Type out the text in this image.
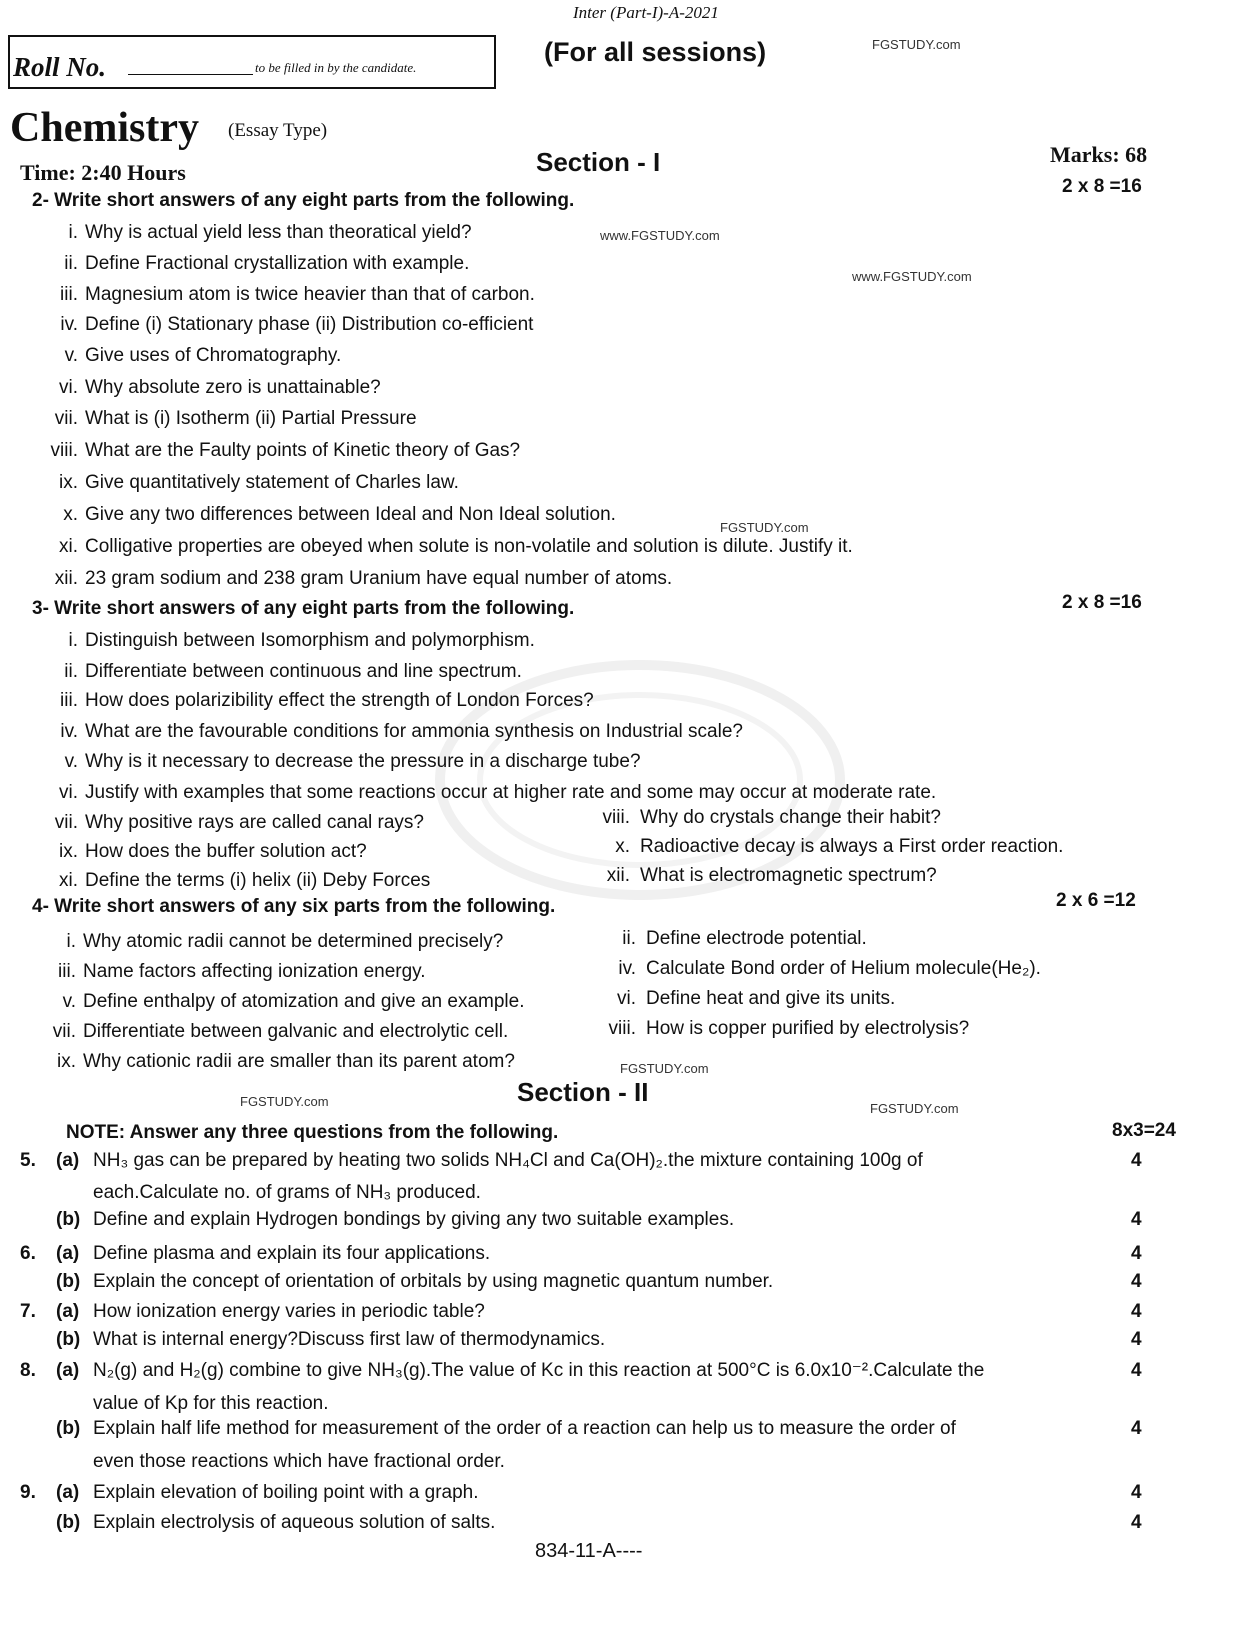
Inter (Part-I)-A-2021
Roll No.	to be filled in by the candidate.
(For all sessions)
Chemistry (Essay Type)
Time: 2:40 Hours	Section - I	Marks: 68
Section - II
FGSTUDY.com
www.FGSTUDY.com
www.FGSTUDY.com
FGSTUDY.com
FGSTUDY.com
FGSTUDY.com	FGSTUDY.com
2- Write short answers of any eight parts from the following.
2 x 8 =16
i. Why is actual yield less than theoratical yield?
ii. Define Fractional crystallization with example.
iii. Magnesium atom is twice heavier than that of carbon.
iv. Define (i) Stationary phase (ii) Distribution co-efficient
v. Give uses of Chromatography.
vi. Why absolute zero is unattainable?
vii. What is (i) Isotherm (ii) Partial Pressure
viii. What are the Faulty points of Kinetic theory of Gas?
ix. Give quantitatively statement of Charles law.
x. Give any two differences between Ideal and Non Ideal solution.
xi. Colligative properties are obeyed when solute is non-volatile and solution is dilute. Justify it.
xii. 23 gram sodium and 238 gram Uranium have equal number of atoms.
3- Write short answers of any eight parts from the following.	2 x 8 =16
i. Distinguish between Isomorphism and polymorphism.
ii. Differentiate between continuous and line spectrum.
iii. How does polarizibility effect the strength of London Forces?
iv. What are the favourable conditions for ammonia synthesis on Industrial scale?
v. Why is it necessary to decrease the pressure in a discharge tube?
vi. Justify with examples that some reactions occur at higher rate and some may occur at moderate rate.
vii. Why positive rays are called canal rays?	viii. Why do crystals change their habit?
ix. How does the buffer solution act?	x. Radioactive decay is always a First order reaction.
xi. Define the terms (i) helix (ii) Deby Forces	xii. What is electromagnetic spectrum?
4- Write short answers of any six parts from the following.	2 x 6 =12
i. Why atomic radii cannot be determined precisely?	ii. Define electrode potential.
iii. Name factors affecting ionization energy.	iv. Calculate Bond order of Helium molecule(He₂).
v. Define enthalpy of atomization and give an example.	vi. Define heat and give its units.
vii. Differentiate between galvanic and electrolytic cell.	viii. How is copper purified by electrolysis?
ix. Why cationic radii are smaller than its parent atom?
NOTE: Answer any three questions from the following.	8x3=24
5. (a) NH₃ gas can be prepared by heating two solids NH₄Cl and Ca(OH)₂.the mixture containing 100g of	4
each.Calculate no. of grams of NH₃ produced.
(b) Define and explain Hydrogen bondings by giving any two suitable examples.	4
6. (a) Define plasma and explain its four applications.	4
(b) Explain the concept of orientation of orbitals by using magnetic quantum number.	4
7. (a) How ionization energy varies in periodic table?	4
(b) What is internal energy?Discuss first law of thermodynamics.	4
8. (a) N₂(g) and H₂(g) combine to give NH₃(g).The value of Kc in this reaction at 500°C is 6.0x10⁻².Calculate the	4
value of Kp for this reaction.
(b) Explain half life method for measurement of the order of a reaction can help us to measure the order of	4
even those reactions which have fractional order.
9. (a) Explain elevation of boiling point with a graph.	4
(b) Explain electrolysis of aqueous solution of salts.	4
834-11-A----
